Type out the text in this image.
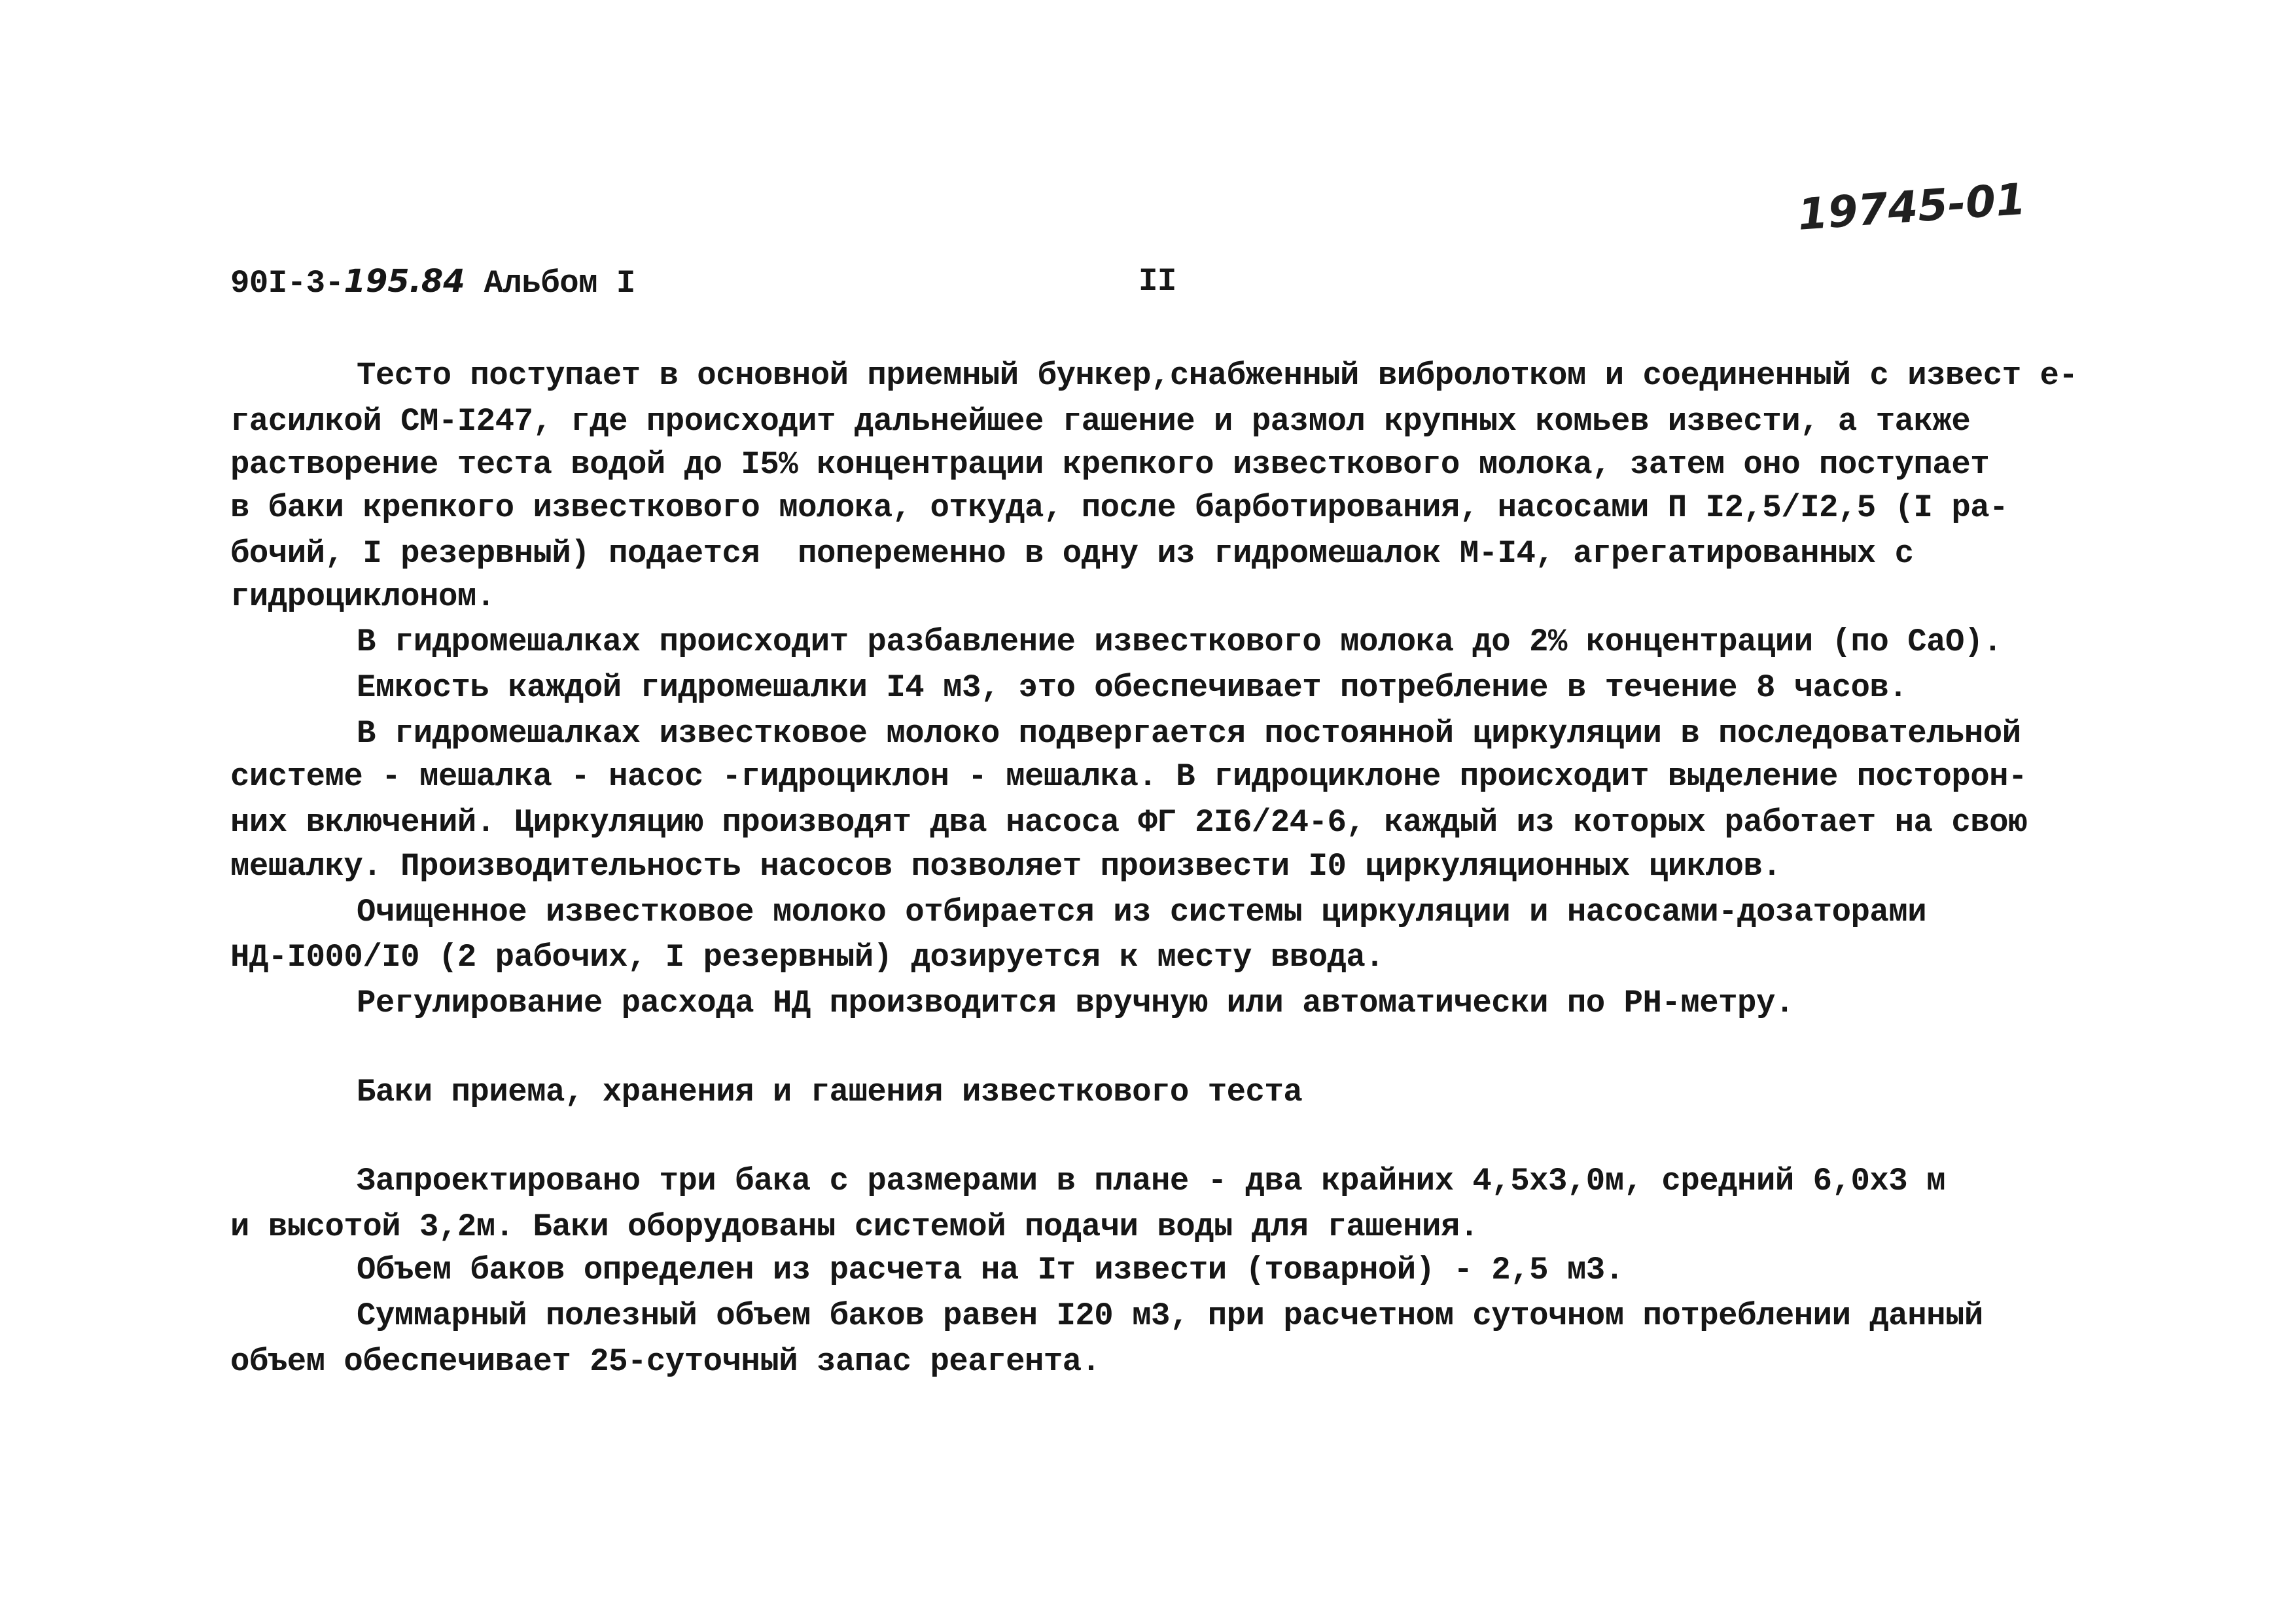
19745-01
90I-3-195.84 Альбом I	II
Тесто поступает в основной приемный бункер,снабженный вибролотком и соединенный с извест е-
гасилкой СМ-I247, где происходит дальнейшее гашение и размол крупных комьев извести, а также
растворение теста водой до I5% концентрации крепкого известкового молока, затем оно поступает
в баки крепкого известкового молока, откуда, после барботирования, насосами П I2,5/I2,5 (I ра-
бочий, I резервный) подается  попеременно в одну из гидромешалок М-I4, агрегатированных с
гидроциклоном.
В гидромешалках происходит разбавление известкового молока до 2% концентрации (по СаО).
Емкость каждой гидромешалки I4 м3, это обеспечивает потребление в течение 8 часов.
В гидромешалках известковое молоко подвергается постоянной циркуляции в последовательной
системе - мешалка - насос -гидроциклон - мешалка. В гидроциклоне происходит выделение посторон-
них включений. Циркуляцию производят два насоса ФГ 2I6/24-6, каждый из которых работает на свою
мешалку. Производительность насосов позволяет произвести I0 циркуляционных циклов.
Очищенное известковое молоко отбирается из системы циркуляции и насосами-дозаторами
НД-I000/I0 (2 рабочих, I резервный) дозируется к месту ввода.
Регулирование расхода НД производится вручную или автоматически по РН-метру.
Баки приема, хранения и гашения известкового теста
Запроектировано три бака с размерами в плане - два крайних 4,5х3,0м, средний 6,0х3 м
и высотой 3,2м. Баки оборудованы системой подачи воды для гашения.
Объем баков определен из расчета на Iт извести (товарной) - 2,5 м3.
Суммарный полезный объем баков равен I20 м3, при расчетном суточном потреблении данный
объем обеспечивает 25-суточный запас реагента.
